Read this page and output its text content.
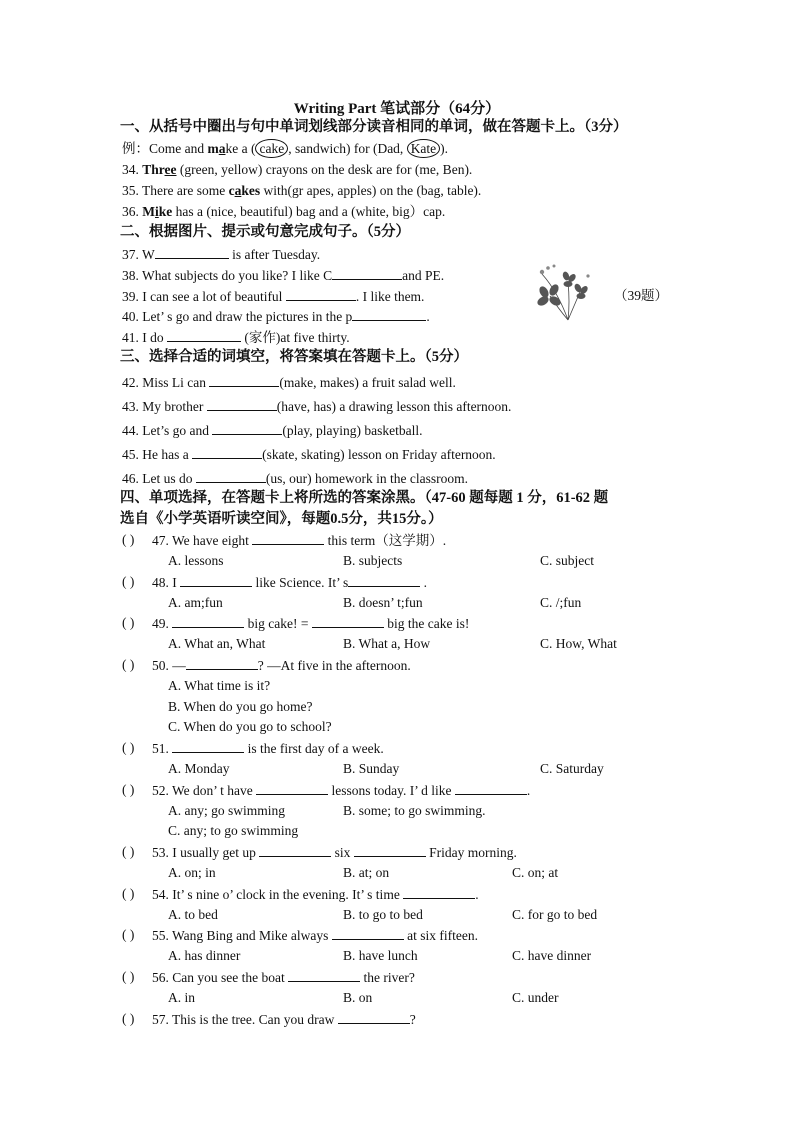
Writing Part 笔试部分（64分）
一、从括号中圈出与句中单词划线部分读音相同的单词，做在答题卡上。（3分）
例：Come and make a ( cake , sandwich) for (Dad, Kate ).
34. Three (green, yellow) crayons on the desk are for (me, Ben).
35. There are some cakes with(gr apes, apples) on the (bag, table).
36. Mike has a (nice, beautiful) bag and a (white, big）cap.
二、根据图片、提示或句意完成句子。（5分）
37. W	is after Tuesday.
38. What subjects do you like? I like C	and PE.
39. I can see a lot of beautiful	. I like them.	（39题）
40. Let’ s go and draw the pictures in the p	.
41. I do	(家作)at five thirty.
三、选择合适的词填空，将答案填在答题卡上。（5分）
42. Miss Li can	(make, makes) a fruit salad well.
43. My brother	(have, has) a drawing lesson this afternoon.
44. Let’s go and	(play, playing) basketball.
45. He has a	(skate, skating) lesson on Friday afternoon.
46. Let us do	(us, our) homework in the classroom.
四、单项选择，在答题卡上将所选的答案涂黑。（47-60 题每题 1 分，61-62 题
选自《小学英语听读空间》，每题0.5分，共15分。）
( ) 47. We have eight	this term（这学期）.
A. lessons	B. subjects	C. subject
( ) 48. I	like Science. It’ s	.
A. am;fun	B. doesn’ t;fun	C. /;fun
( ) 49.	big cake! =	big the cake is!
A. What an, What	B. What a, How	C. How, What
( ) 50. —	? —At five in the afternoon.
A. What time is it?
B. When do you go home?
C. When do you go to school?
( ) 51.	is the first day of a week.
A. Monday	B. Sunday	C. Saturday
( ) 52. We don’ t have	lessons today. I’ d like	.
A. any; go swimming	B. some; to go swimming.
C. any; to go swimming
( ) 53. I usually get up	six	Friday morning.
A. on; in	B. at; on	C. on; at
( ) 54. It’ s nine o’ clock in the evening. It’ s time	.
A. to bed	B. to go to bed	C. for go to bed
( ) 55. Wang Bing and Mike always	at six fifteen.
A. has dinner	B. have lunch	C. have dinner
( ) 56. Can you see the boat	the river?
A. in	B. on	C. under
( ) 57. This is the tree. Can you draw	?
